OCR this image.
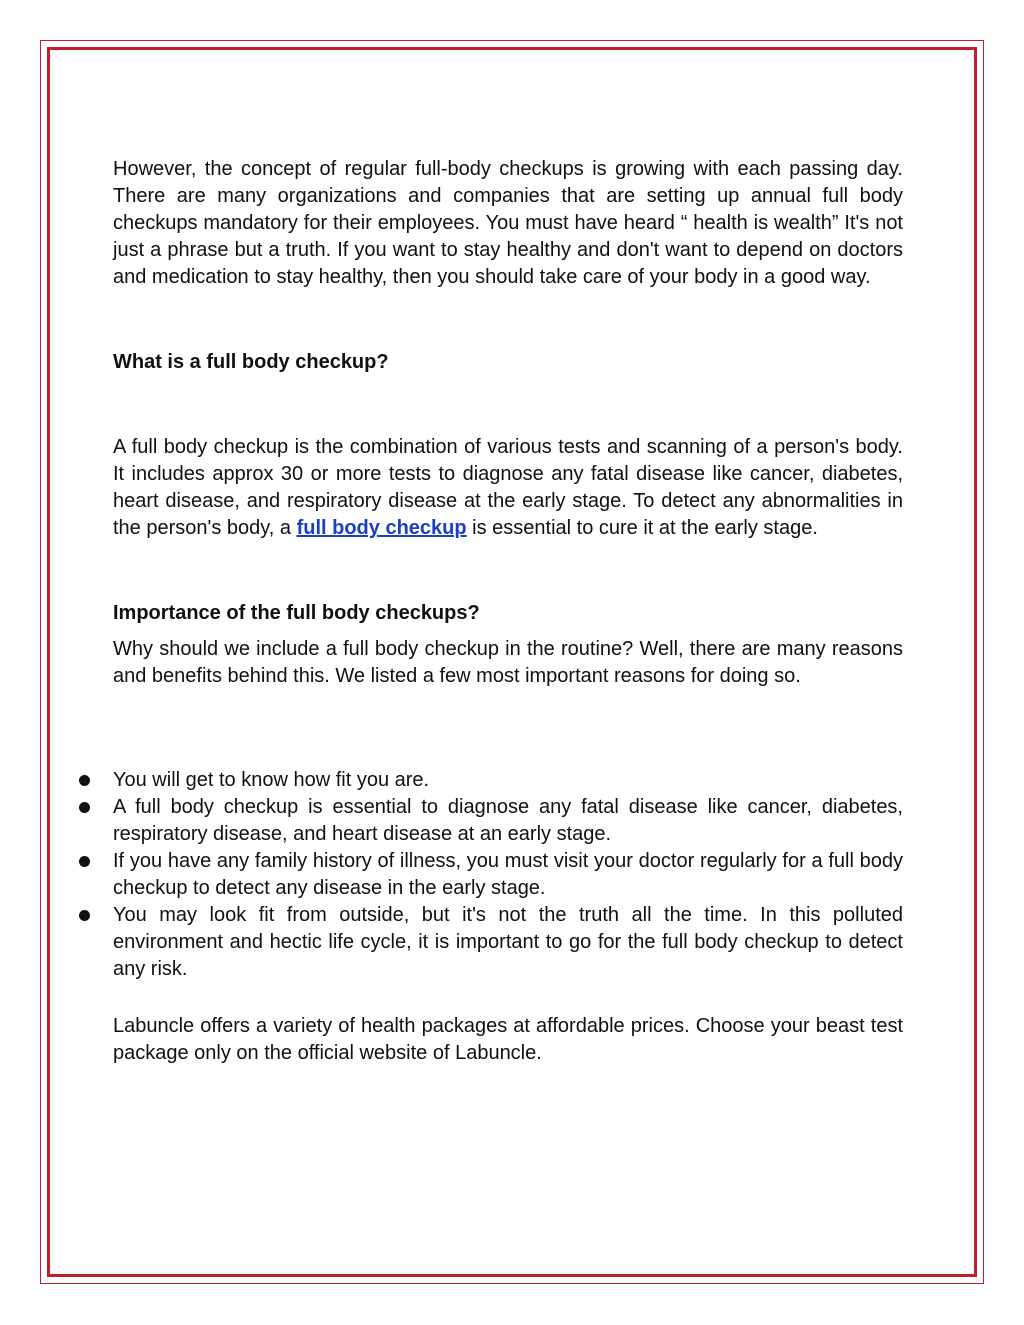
However, the concept of regular full-body checkups is growing with each passing day. There are many organizations and companies that are setting up annual full body checkups mandatory for their employees. You must have heard “ health is wealth” It's not just a phrase but a truth. If you want to stay healthy and don't want to depend on doctors and medication to stay healthy, then you should take care of your body in a good way.

What is a full body checkup?

A full body checkup is the combination of various tests and scanning of a person's body. It includes approx 30 or more tests to diagnose any fatal disease like cancer, diabetes, heart disease, and respiratory disease at the early stage. To detect any abnormalities in the person's body, a full body checkup is essential to cure it at the early stage.

Importance of the full body checkups?

Why should we include a full body checkup in the routine? Well, there are many reasons and benefits behind this. We listed a few most important reasons for doing so.

You will get to know how fit you are.
A full body checkup is essential to diagnose any fatal disease like cancer, diabetes, respiratory disease, and heart disease at an early stage.
If you have any family history of illness, you must visit your doctor regularly for a full body checkup to detect any disease in the early stage.
You may look fit from outside, but it's not the truth all the time. In this polluted environment and hectic life cycle, it is important to go for the full body checkup to detect any risk.

Labuncle offers a variety of health packages at affordable prices. Choose your beast test package only on the official website of Labuncle.
